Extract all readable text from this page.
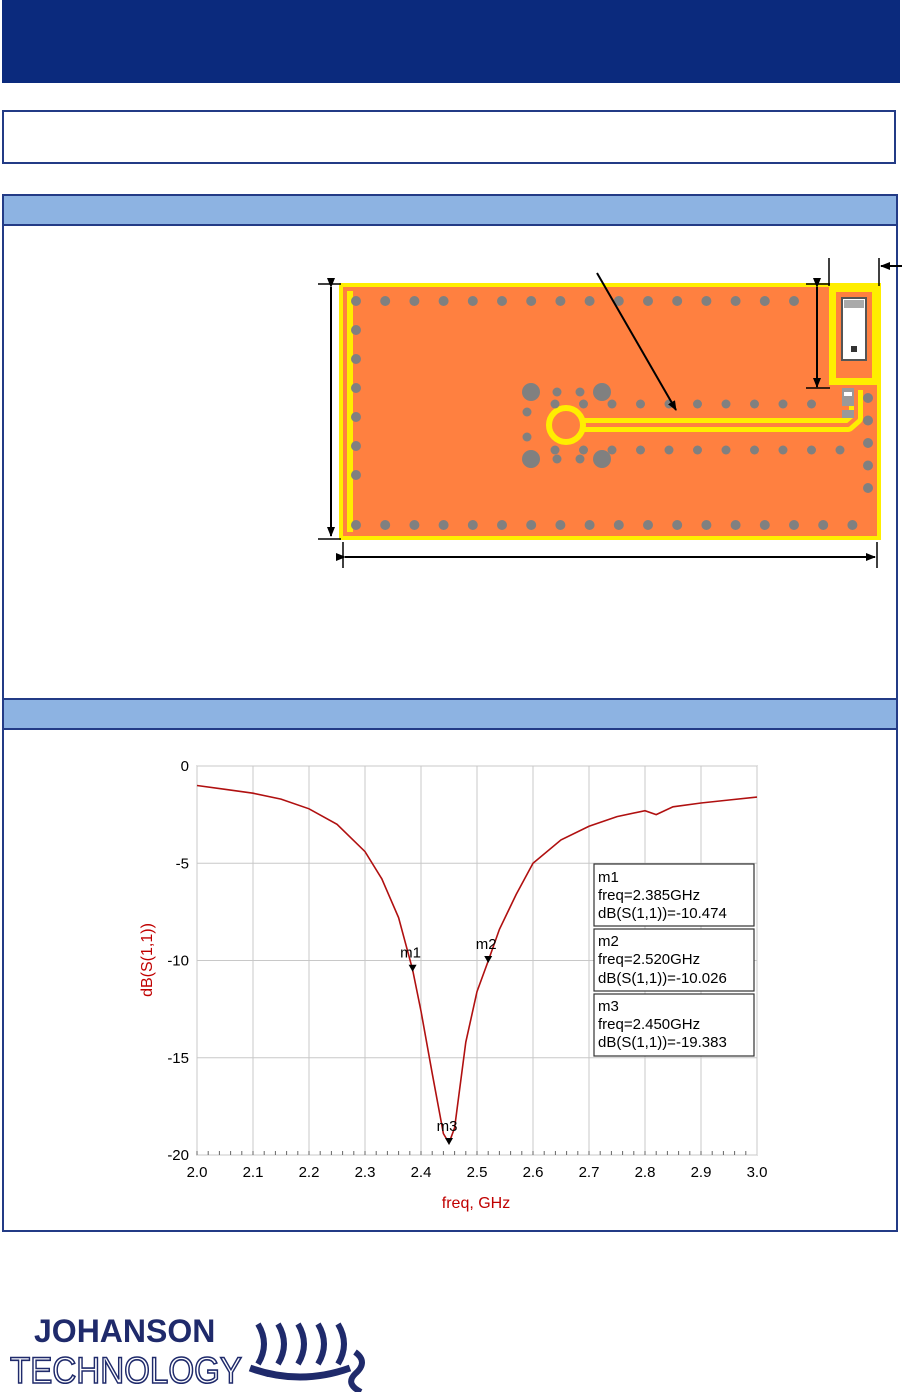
2.0 2.1 2.2 2.3 2.4 2.5 2.6 2.7 2.8 2.9 3.0
0
-5
-10
-15
-20
m1
m2
m3
freq, GHz
dB(S(1,1))
m1
freq=2.385GHz
dB(S(1,1))=-10.474
m2
freq=2.520GHz
dB(S(1,1))=-10.026
m3
freq=2.450GHz
dB(S(1,1))=-19.383
JOHANSON
TECHNOLOGY
